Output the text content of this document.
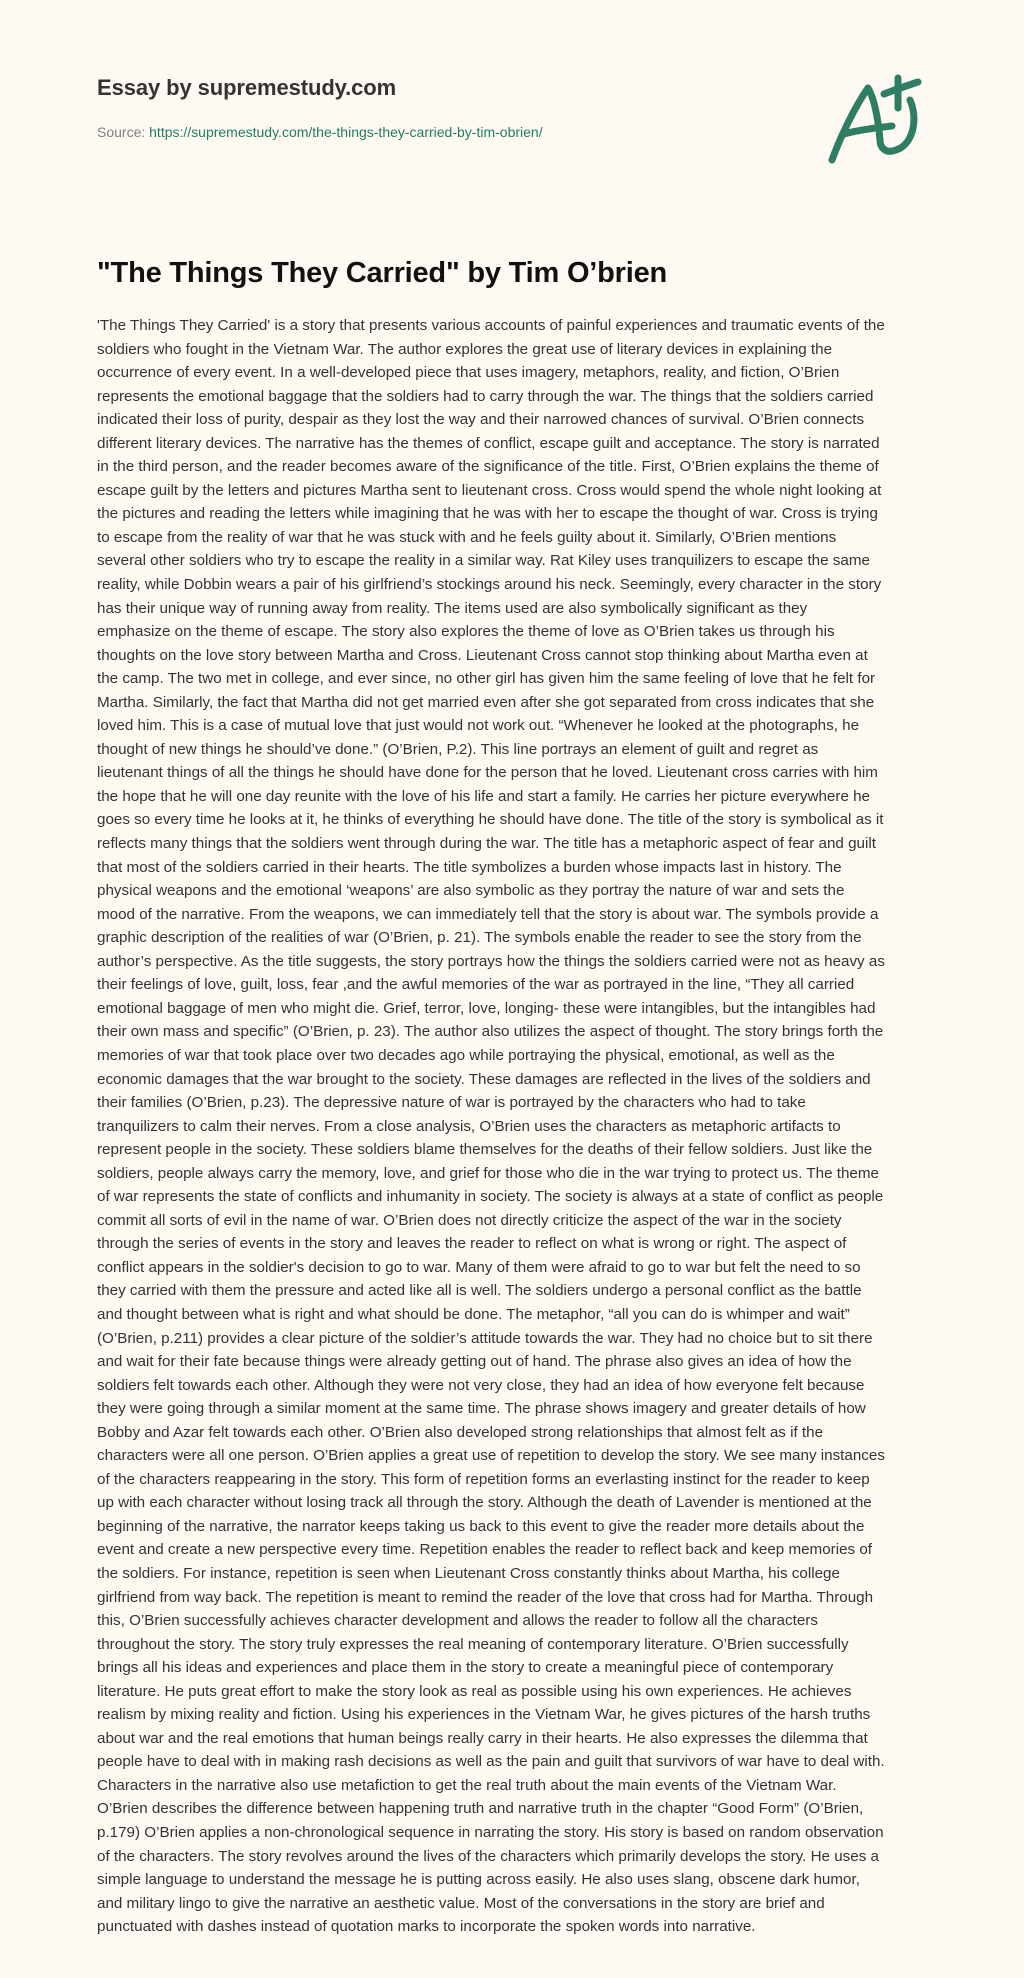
Essay by supremestudy.com
Source: https://supremestudy.com/the-things-they-carried-by-tim-obrien/
"The Things They Carried" by Tim O’brien
'The Things They Carried' is a story that presents various accounts of painful experiences and traumatic events of the
soldiers who fought in the Vietnam War. The author explores the great use of literary devices in explaining the
occurrence of every event. In a well-developed piece that uses imagery, metaphors, reality, and fiction, O’Brien
represents the emotional baggage that the soldiers had to carry through the war. The things that the soldiers carried
indicated their loss of purity, despair as they lost the way and their narrowed chances of survival. O’Brien connects
different literary devices. The narrative has the themes of conflict, escape guilt and acceptance. The story is narrated
in the third person, and the reader becomes aware of the significance of the title. First, O’Brien explains the theme of
escape guilt by the letters and pictures Martha sent to lieutenant cross. Cross would spend the whole night looking at
the pictures and reading the letters while imagining that he was with her to escape the thought of war. Cross is trying
to escape from the reality of war that he was stuck with and he feels guilty about it. Similarly, O’Brien mentions
several other soldiers who try to escape the reality in a similar way. Rat Kiley uses tranquilizers to escape the same
reality, while Dobbin wears a pair of his girlfriend’s stockings around his neck. Seemingly, every character in the story
has their unique way of running away from reality. The items used are also symbolically significant as they
emphasize on the theme of escape. The story also explores the theme of love as O’Brien takes us through his
thoughts on the love story between Martha and Cross. Lieutenant Cross cannot stop thinking about Martha even at
the camp. The two met in college, and ever since, no other girl has given him the same feeling of love that he felt for
Martha. Similarly, the fact that Martha did not get married even after she got separated from cross indicates that she
loved him. This is a case of mutual love that just would not work out. “Whenever he looked at the photographs, he
thought of new things he should’ve done.” (O’Brien, P.2). This line portrays an element of guilt and regret as
lieutenant things of all the things he should have done for the person that he loved. Lieutenant cross carries with him
the hope that he will one day reunite with the love of his life and start a family. He carries her picture everywhere he
goes so every time he looks at it, he thinks of everything he should have done. The title of the story is symbolical as it
reflects many things that the soldiers went through during the war. The title has a metaphoric aspect of fear and guilt
that most of the soldiers carried in their hearts. The title symbolizes a burden whose impacts last in history. The
physical weapons and the emotional ‘weapons’ are also symbolic as they portray the nature of war and sets the
mood of the narrative. From the weapons, we can immediately tell that the story is about war. The symbols provide a
graphic description of the realities of war (O’Brien, p. 21). The symbols enable the reader to see the story from the
author’s perspective. As the title suggests, the story portrays how the things the soldiers carried were not as heavy as
their feelings of love, guilt, loss, fear ,and the awful memories of the war as portrayed in the line, “They all carried
emotional baggage of men who might die. Grief, terror, love, longing- these were intangibles, but the intangibles had
their own mass and specific” (O’Brien, p. 23). The author also utilizes the aspect of thought. The story brings forth the
memories of war that took place over two decades ago while portraying the physical, emotional, as well as the
economic damages that the war brought to the society. These damages are reflected in the lives of the soldiers and
their families (O’Brien, p.23). The depressive nature of war is portrayed by the characters who had to take
tranquilizers to calm their nerves. From a close analysis, O’Brien uses the characters as metaphoric artifacts to
represent people in the society. These soldiers blame themselves for the deaths of their fellow soldiers. Just like the
soldiers, people always carry the memory, love, and grief for those who die in the war trying to protect us. The theme
of war represents the state of conflicts and inhumanity in society. The society is always at a state of conflict as people
commit all sorts of evil in the name of war. O’Brien does not directly criticize the aspect of the war in the society
through the series of events in the story and leaves the reader to reflect on what is wrong or right. The aspect of
conflict appears in the soldier's decision to go to war. Many of them were afraid to go to war but felt the need to so
they carried with them the pressure and acted like all is well. The soldiers undergo a personal conflict as the battle
and thought between what is right and what should be done. The metaphor, “all you can do is whimper and wait”
(O’Brien, p.211) provides a clear picture of the soldier’s attitude towards the war. They had no choice but to sit there
and wait for their fate because things were already getting out of hand. The phrase also gives an idea of how the
soldiers felt towards each other. Although they were not very close, they had an idea of how everyone felt because
they were going through a similar moment at the same time. The phrase shows imagery and greater details of how
Bobby and Azar felt towards each other. O’Brien also developed strong relationships that almost felt as if the
characters were all one person. O’Brien applies a great use of repetition to develop the story. We see many instances
of the characters reappearing in the story. This form of repetition forms an everlasting instinct for the reader to keep
up with each character without losing track all through the story. Although the death of Lavender is mentioned at the
beginning of the narrative, the narrator keeps taking us back to this event to give the reader more details about the
event and create a new perspective every time. Repetition enables the reader to reflect back and keep memories of
the soldiers. For instance, repetition is seen when Lieutenant Cross constantly thinks about Martha, his college
girlfriend from way back. The repetition is meant to remind the reader of the love that cross had for Martha. Through
this, O’Brien successfully achieves character development and allows the reader to follow all the characters
throughout the story. The story truly expresses the real meaning of contemporary literature. O’Brien successfully
brings all his ideas and experiences and place them in the story to create a meaningful piece of contemporary
literature. He puts great effort to make the story look as real as possible using his own experiences. He achieves
realism by mixing reality and fiction. Using his experiences in the Vietnam War, he gives pictures of the harsh truths
about war and the real emotions that human beings really carry in their hearts. He also expresses the dilemma that
people have to deal with in making rash decisions as well as the pain and guilt that survivors of war have to deal with.
Characters in the narrative also use metafiction to get the real truth about the main events of the Vietnam War.
O’Brien describes the difference between happening truth and narrative truth in the chapter “Good Form” (O’Brien,
p.179) O’Brien applies a non-chronological sequence in narrating the story. His story is based on random observation
of the characters. The story revolves around the lives of the characters which primarily develops the story. He uses a
simple language to understand the message he is putting across easily. He also uses slang, obscene dark humor,
and military lingo to give the narrative an aesthetic value. Most of the conversations in the story are brief and
punctuated with dashes instead of quotation marks to incorporate the spoken words into narrative.
